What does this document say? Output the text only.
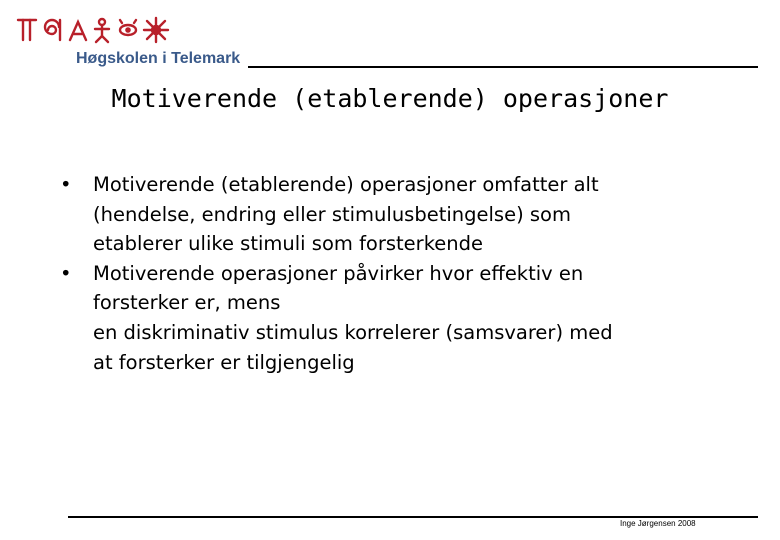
Høgskolen i Telemark
Motiverende (etablerende) operasjoner
•	Motiverende (etablerende) operasjoner omfatter alt
(hendelse, endring eller stimulusbetingelse) som
etablerer ulike stimuli som forsterkende
•	Motiverende operasjoner påvirker hvor effektiv en
forsterker er, mens
en diskriminativ stimulus korrelerer (samsvarer) med
at forsterker er tilgjengelig
Inge Jørgensen 2008
